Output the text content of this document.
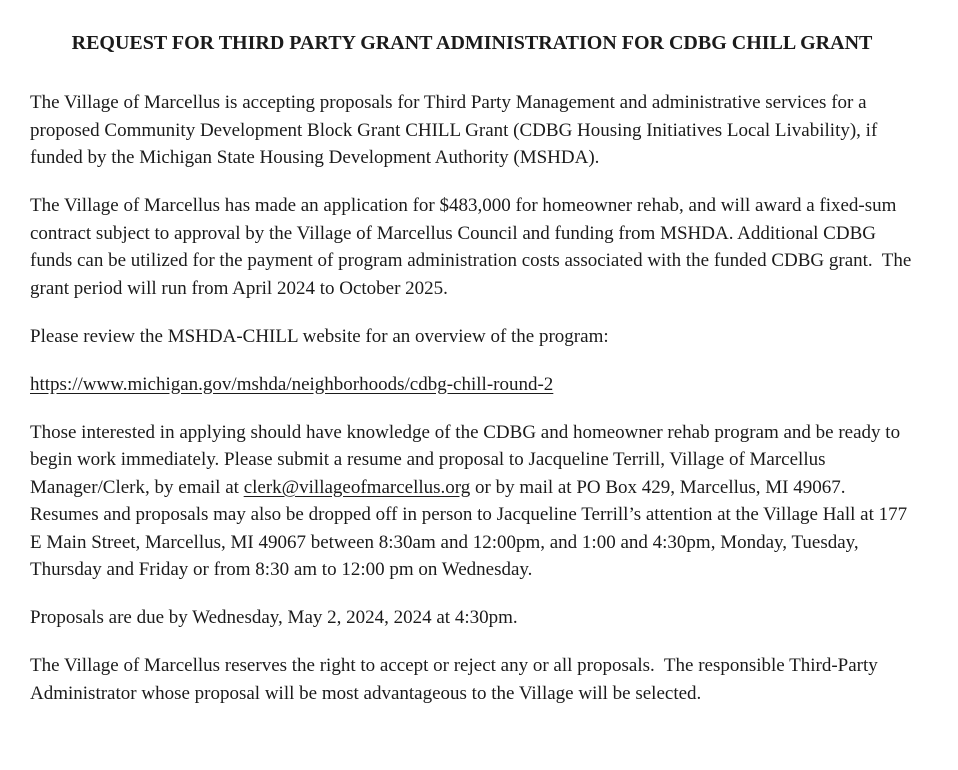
REQUEST FOR THIRD PARTY GRANT ADMINISTRATION FOR CDBG CHILL GRANT

The Village of Marcellus is accepting proposals for Third Party Management and administrative services for a proposed Community Development Block Grant CHILL Grant (CDBG Housing Initiatives Local Livability), if funded by the Michigan State Housing Development Authority (MSHDA).

The Village of Marcellus has made an application for $483,000 for homeowner rehab, and will award a fixed-sum contract subject to approval by the Village of Marcellus Council and funding from MSHDA. Additional CDBG funds can be utilized for the payment of program administration costs associated with the funded CDBG grant.  The grant period will run from April 2024 to October 2025.

Please review the MSHDA-CHILL website for an overview of the program:

https://www.michigan.gov/mshda/neighborhoods/cdbg-chill-round-2

Those interested in applying should have knowledge of the CDBG and homeowner rehab program and be ready to begin work immediately. Please submit a resume and proposal to Jacqueline Terrill, Village of Marcellus Manager/Clerk, by email at clerk@villageofmarcellus.org or by mail at PO Box 429, Marcellus, MI 49067.  Resumes and proposals may also be dropped off in person to Jacqueline Terrill’s attention at the Village Hall at 177 E Main Street, Marcellus, MI 49067 between 8:30am and 12:00pm, and 1:00 and 4:30pm, Monday, Tuesday, Thursday and Friday or from 8:30 am to 12:00 pm on Wednesday.

Proposals are due by Wednesday, May 2, 2024, 2024 at 4:30pm.

The Village of Marcellus reserves the right to accept or reject any or all proposals.  The responsible Third-Party Administrator whose proposal will be most advantageous to the Village will be selected.
